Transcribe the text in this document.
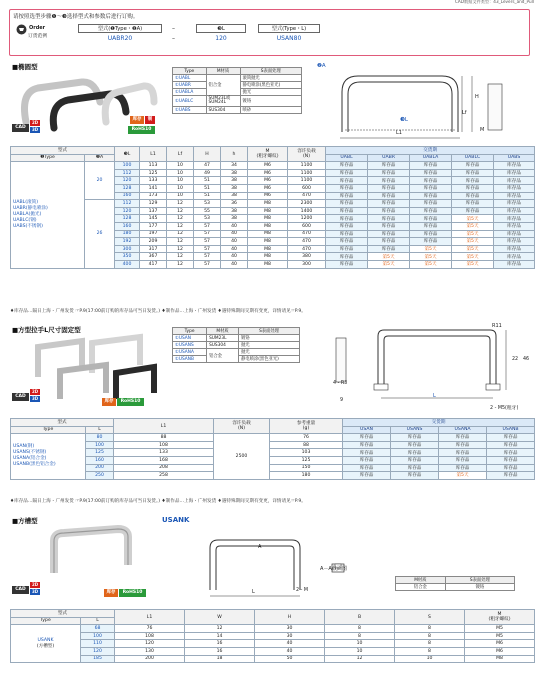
CAD数据文件类型：43_Levers_and_Pull
请按照选型步骤❶～❸选择型式和参数后进行订购。
Order
订货范例
型式(❶Type・❷A)	–	❸L	型式(Type・L)
UABR20	–	120	USAN80
■椭圆型
CAD
2D
3D
库存	制
RoHS10
Type	M材质	S表面处理
①UABL	铝合金	滚筒抛光
①UABR		静电喷涂(黑色亚光)
①UABLA		抛光
①UABLC	SUM23L或SUM24L	镀铬
①UABS	SUS304	喷砂
❷A
❸L
L1
H
Lf
M
型式		❸L	L1	Lf	H	h	M
(粗牙螺纹)	容许负载
(N)	交货期				
❶Type	❷A								UABL	UABR	UABLA	UABLC	UABS

UABL(滚筒)
UABR(静电喷涂)
UABLA(抛光)
UABLC(钢)
UABS(不锈钢)	20	100	113	10	47	34	M6	1100	库存品	库存品	库存品	库存品	库存品
		112	125	10	49	38	M6	1100	库存品	库存品	库存品	库存品	库存品
		120	133	10	51	38	M6	1100	库存品	库存品	库存品	库存品	库存品
		128	141	10	51	38	M6	600	库存品	库存品	库存品	库存品	库存品
		160	173	10	51	38	M6	470	库存品	库存品	库存品	库存品	库存品
	26	112	129	12	53	36	M8	2300	库存品	库存品	库存品	库存品	库存品
		120	137	12	55	38	M8	1400	库存品	库存品	库存品	库存品	库存品
		128	145	12	53	38	M8	1200	库存品	库存品	库存品	第5天	库存品
		160	177	12	57	40	M8	600	库存品	库存品	库存品	第5天	库存品
		180	197	12	57	40	M8	470	库存品	库存品	库存品	第5天	库存品
		192	209	12	57	40	M8	470	库存品	库存品	库存品	第5天	库存品
		300	317	12	57	40	M8	470	库存品	库存品	第5天	第5天	库存品
		350	367	12	57	40	M8	380	库存品	第5天	第5天	第5天	库存品
		400	417	12	57	40	M8	300	库存品	第5天	第5天	第5天	库存品
♦库存品…隔日上海・广州发货 ☞P.9(17:00前订购的库存品可当日发货。) ♦制作品…上海・广州发货 ♦遇特殊期间交期有变更，详情请见☞P.9。
■方型拉手L尺寸固定型
CAD
2D
3D
库存	RoHS10
Type	M材质	S表面处理
①USAN	SUM23L	镀铬
①USANS	SUS304	抛光
①USANA	铝合金	抛光
①USANB		静电喷涂(黑色亚光)
R11
L
2 - M5(粗牙)
4 - R3
9
22 46
型式		L1	容许负载
(N)	参考重量
(g)	交货期			
Type	L				USAN	USANS	USANA	USANB

USAN(钢)
USANS(不锈钢)
USANA(铝合金)
USANB(黑色铝合金)	80	88	2500	76	库存品	库存品	库存品	库存品
	100	108		88	库存品	库存品	库存品	库存品
	125	133		103	库存品	库存品	库存品	库存品
	160	168		125	库存品	库存品	库存品	库存品
	200	208		150	库存品	库存品	库存品	库存品
	250	258		180	库存品	库存品	第5天	库存品
♦库存品…隔日上海・广州发货 ☞P.9(17:00前订购的库存品可当日发货。) ♦制作品…上海・广州发货 ♦遇特殊期间交期有变更，详情请见☞P.9。
■方槽型	USANK
CAD
2D
3D	库存	RoHS10
A
L	2 - M
A－A截面图
M材质	S表面处理
铝合金	镀铬
型式		L1	W	H	B	S	M
(粗牙螺纹)
Type	L						

USANK
(方槽型)	68	76	12	30	8	8	M5
	100	108	14	30	8	8	M5
	110	120	16	40	10	8	M6
	120	130	16	40	10	8	M6
	185	200	18	50	12	10	M8
